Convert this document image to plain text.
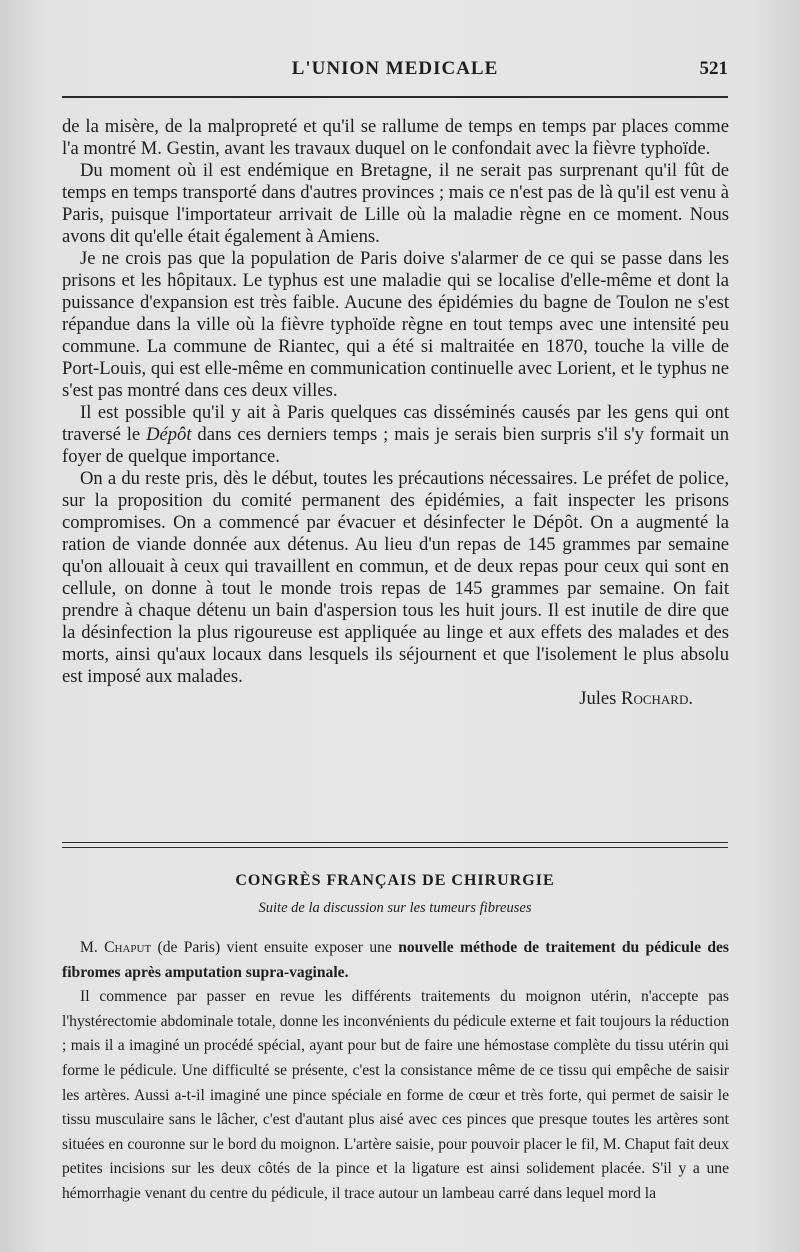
L'UNION MEDICALE	521

de la misère, de la malpropreté et qu'il se rallume de temps en temps par places comme l'a montré M. Gestin, avant les travaux duquel on le confondait avec la fièvre typhoïde.

Du moment où il est endémique en Bretagne, il ne serait pas surprenant qu'il fût de temps en temps transporté dans d'autres provinces ; mais ce n'est pas de là qu'il est venu à Paris, puisque l'importateur arrivait de Lille où la maladie règne en ce moment. Nous avons dit qu'elle était également à Amiens.

Je ne crois pas que la population de Paris doive s'alarmer de ce qui se passe dans les prisons et les hôpitaux. Le typhus est une maladie qui se localise d'elle-même et dont la puissance d'expansion est très faible. Aucune des épidémies du bagne de Toulon ne s'est répandue dans la ville où la fièvre typhoïde règne en tout temps avec une intensité peu commune. La commune de Riantec, qui a été si maltraitée en 1870, touche la ville de Port-Louis, qui est elle-même en communication continuelle avec Lorient, et le typhus ne s'est pas montré dans ces deux villes.

Il est possible qu'il y ait à Paris quelques cas disséminés causés par les gens qui ont traversé le Dépôt dans ces derniers temps ; mais je serais bien surpris s'il s'y formait un foyer de quelque importance.

On a du reste pris, dès le début, toutes les précautions nécessaires. Le préfet de police, sur la proposition du comité permanent des épidémies, a fait inspecter les prisons compromises. On a commencé par évacuer et désinfecter le Dépôt. On a augmenté la ration de viande donnée aux détenus. Au lieu d'un repas de 145 grammes par semaine qu'on allouait à ceux qui travaillent en commun, et de deux repas pour ceux qui sont en cellule, on donne à tout le monde trois repas de 145 grammes par semaine. On fait prendre à chaque détenu un bain d'aspersion tous les huit jours. Il est inutile de dire que la désinfection la plus rigoureuse est appliquée au linge et aux effets des malades et des morts, ainsi qu'aux locaux dans lesquels ils séjournent et que l'isolement le plus absolu est imposé aux malades.

Jules Rochard.
CONGRÈS FRANÇAIS DE CHIRURGIE
Suite de la discussion sur les tumeurs fibreuses

M. Chaput (de Paris) vient ensuite exposer une nouvelle méthode de traitement du pédicule des fibromes après amputation supra-vaginale.

Il commence par passer en revue les différents traitements du moignon utérin, n'accepte pas l'hystérectomie abdominale totale, donne les inconvénients du pédicule externe et fait toujours la réduction ; mais il a imaginé un procédé spécial, ayant pour but de faire une hémostase complète du tissu utérin qui forme le pédicule. Une difficulté se présente, c'est la consistance même de ce tissu qui empêche de saisir les artères. Aussi a-t-il imaginé une pince spéciale en forme de cœur et très forte, qui permet de saisir le tissu musculaire sans le lâcher, c'est d'autant plus aisé avec ces pinces que presque toutes les artères sont situées en couronne sur le bord du moignon. L'artère saisie, pour pouvoir placer le fil, M. Chaput fait deux petites incisions sur les deux côtés de la pince et la ligature est ainsi solidement placée. S'il y a une hémorrhagie venant du centre du pédicule, il trace autour un lambeau carré dans lequel mord la
